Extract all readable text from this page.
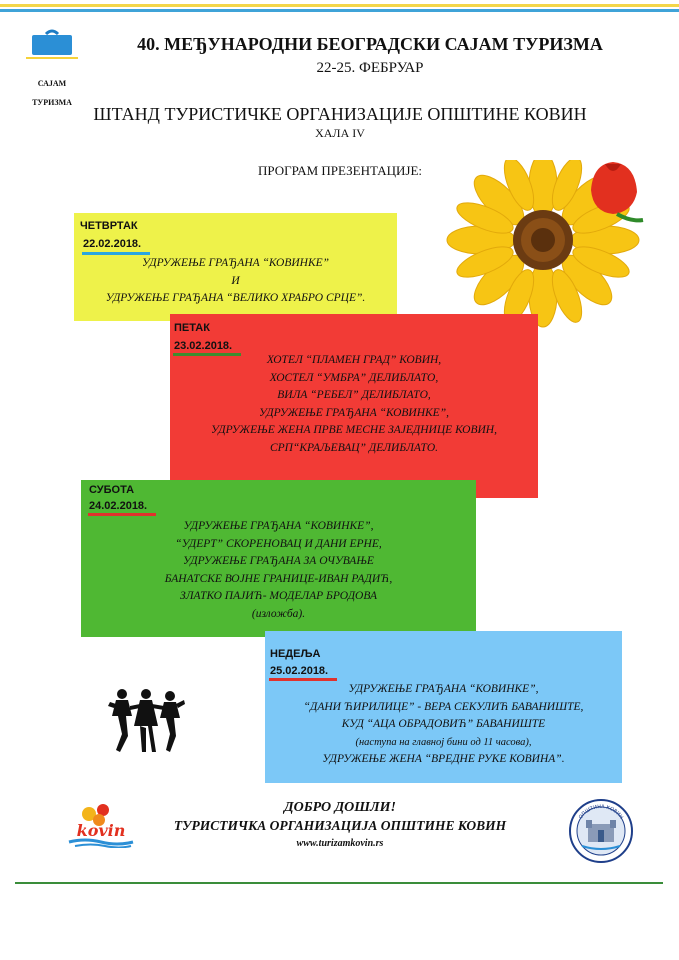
САЈАМ
ТУРИЗМА
40. МЕЂУНАРОДНИ БЕОГРАДСКИ САЈАМ ТУРИЗМА
22-25. ФЕБРУАР
ШТАНД ТУРИСТИЧКЕ ОРГАНИЗАЦИЈЕ ОПШТИНЕ КОВИН
ХАЛА IV
ПРОГРАМ ПРЕЗЕНТАЦИЈЕ:
ЧЕТВРТАК
22.02.2018.
УДРУЖЕЊЕ ГРАЂАНА “КОВИНКЕ”
И
УДРУЖЕЊЕ ГРАЂАНА “ВЕЛИКО ХРАБРО СРЦЕ”.
ПЕТАК
23.02.2018.
ХОТЕЛ “ПЛАМЕН ГРАД” КОВИН,
ХОСТЕЛ “УМБРА” ДЕЛИБЛАТО,
ВИЛА “РЕБЕЛ” ДЕЛИБЛАТО,
УДРУЖЕЊЕ ГРАЂАНА “КОВИНКЕ”,
УДРУЖЕЊЕ ЖЕНА ПРВЕ МЕСНЕ ЗАЈЕДНИЦЕ КОВИН,
СРП“КРАЉЕВАЦ” ДЕЛИБЛАТО.
СУБОТА
24.02.2018.
УДРУЖЕЊЕ ГРАЂАНА “КОВИНКЕ”,
“УДЕРТ” СКОРЕНОВАЦ И ДАНИ ЕРНЕ,
УДРУЖЕЊЕ ГРАЂАНА ЗА ОЧУВАЊЕ
БАНАТСКЕ ВОЈНЕ ГРАНИЦЕ-ИВАН РАДИЋ,
ЗЛАТКО ПАЈИЋ- МОДЕЛАР БРОДОВА
(изложба).
НЕДЕЉА
25.02.2018.
УДРУЖЕЊЕ ГРАЂАНА “КОВИНКЕ”,
“ДАНИ ЋИРИЛИЦЕ” - ВЕРА СЕКУЛИЋ БАВАНИШТЕ,
КУД “АЦА ОБРАДОВИЋ” БАВАНИШТЕ
(наступа на главној бини од 11 часова),
УДРУЖЕЊЕ ЖЕНА “ВРЕДНЕ РУКЕ КОВИНА”.
kovin
ДОБРО ДОШЛИ!
ТУРИСТИЧКА ОРГАНИЗАЦИЈА ОПШТИНЕ КОВИН
www.turizamkovin.rs
ОПШТИНА КОВИН
